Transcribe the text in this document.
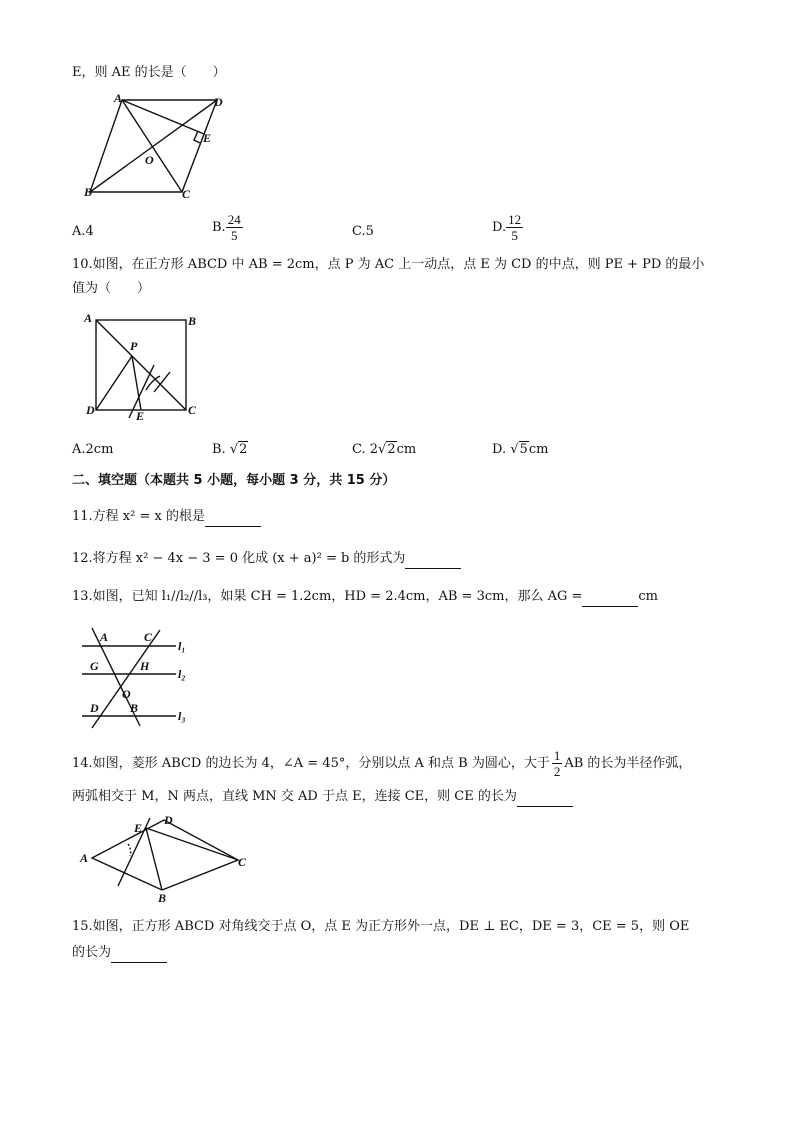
E，则 AE 的长是（　　）
A	D
E
O
B	C
A.4	B. $\frac{24}{5}$	C.5	D. $\frac{12}{5}$
10.如图，在正方形 ABCD 中 AB = 2cm，点 P 为 AC 上一动点，点 E 为 CD 的中点，则 PE + PD 的最小
值为（　　）
A	B
P
D	E	C
A.2cm	B. √2	C. 2√2cm	D. √5cm
二、填空题（本题共 5 小题，每小题 3 分，共 15 分）
11.方程 x² = x 的根是
12.将方程 x² − 4x − 3 = 0 化成 (x + a)² = b 的形式为
13.如图，已知 l₁//l₂//l₃，如果 CH = 1.2cm，HD = 2.4cm，AB = 3cm，那么 AG =	cm
A	C
l₁
G	H
l₂
O
D	B
l₃
14.如图，菱形 ABCD 的边长为 4，∠A = 45°，分别以点 A 和点 B 为圆心，大于 $\frac{1}{2}$ AB 的长为半径作弧，
两弧相交于 M，N 两点，直线 MN 交 AD 于点 E，连接 CE，则 CE 的长为
E
D
A	C
B
15.如图，正方形 ABCD 对角线交于点 O，点 E 为正方形外一点，DE ⊥ EC，DE = 3，CE = 5，则 OE
的长为
